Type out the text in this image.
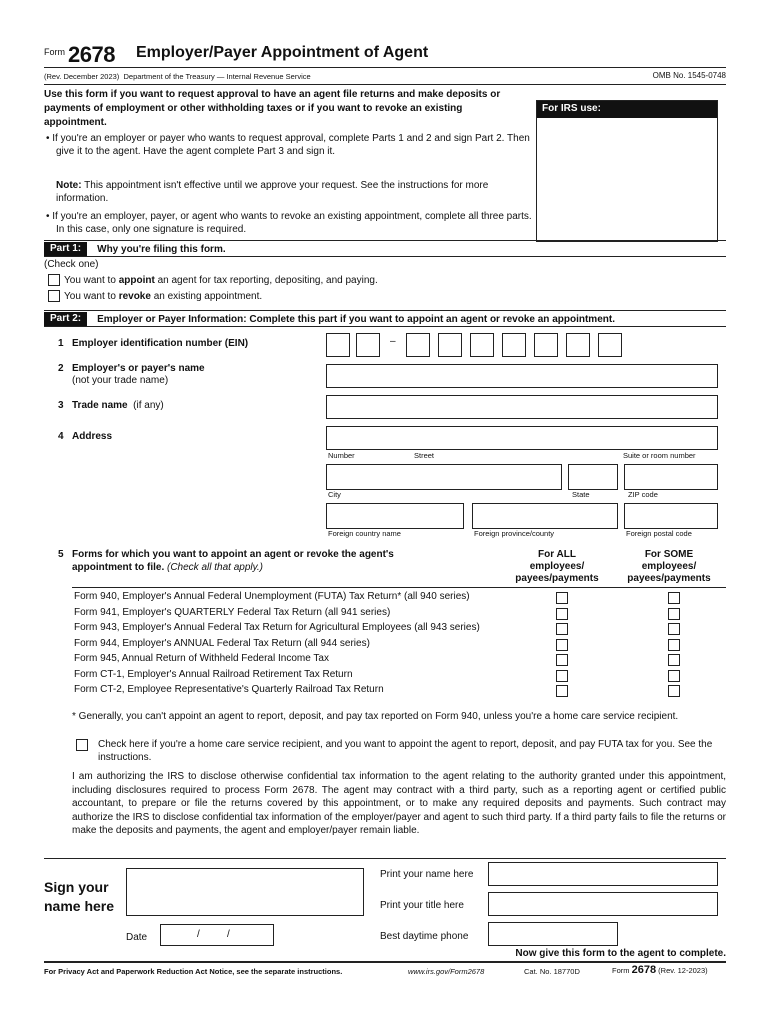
Form 2678 Employer/Payer Appointment of Agent
(Rev. December 2023) Department of the Treasury — Internal Revenue Service	OMB No. 1545-0748
Use this form if you want to request approval to have an agent file returns and make deposits or payments of employment or other withholding taxes or if you want to revoke an existing appointment.
For IRS use:
• If you're an employer or payer who wants to request approval, complete Parts 1 and 2 and sign Part 2. Then give it to the agent. Have the agent complete Part 3 and sign it.
Note: This appointment isn't effective until we approve your request. See the instructions for more information.
• If you're an employer, payer, or agent who wants to revoke an existing appointment, complete all three parts. In this case, only one signature is required.
Part 1:	Why you're filing this form.
(Check one)
You want to appoint an agent for tax reporting, depositing, and paying.
You want to revoke an existing appointment.
Part 2:	Employer or Payer Information: Complete this part if you want to appoint an agent or revoke an appointment.
1 Employer identification number (EIN)	–
2 Employer's or payer's name
(not your trade name)
3 Trade name (if any)
4 Address
Number	Street	Suite or room number
City	State	ZIP code
Foreign country name	Foreign province/county	Foreign postal code
5 Forms for which you want to appoint an agent or revoke the agent's
appointment to file. (Check all that apply.)
For ALL
employees/
payees/payments
For SOME
employees/
payees/payments
Form 940, Employer's Annual Federal Unemployment (FUTA) Tax Return* (all 940 series)
Form 941, Employer's QUARTERLY Federal Tax Return (all 941 series)
Form 943, Employer's Annual Federal Tax Return for Agricultural Employees (all 943 series)
Form 944, Employer's ANNUAL Federal Tax Return (all 944 series)
Form 945, Annual Return of Withheld Federal Income Tax
Form CT-1, Employer's Annual Railroad Retirement Tax Return
Form CT-2, Employee Representative's Quarterly Railroad Tax Return
* Generally, you can't appoint an agent to report, deposit, and pay tax reported on Form 940, unless you're a home care service recipient.
Check here if you're a home care service recipient, and you want to appoint the agent to report, deposit, and pay FUTA tax for you. See the instructions.
I am authorizing the IRS to disclose otherwise confidential tax information to the agent relating to the authority granted under this appointment, including disclosures required to process Form 2678. The agent may contract with a third party, such as a reporting agent or certified public accountant, to prepare or file the returns covered by this appointment, or to make any required deposits and payments. Such contract may authorize the IRS to disclose confidential tax information of the employer/payer and agent to such third party. If a third party fails to file the returns or make the deposits and payments, the agent and employer/payer remain liable.
Sign your
name here
Date	/	/
Print your name here
Print your title here
Best daytime phone
Now give this form to the agent to complete.
For Privacy Act and Paperwork Reduction Act Notice, see the separate instructions.	www.irs.gov/Form2678	Cat. No. 18770D	Form 2678 (Rev. 12-2023)
